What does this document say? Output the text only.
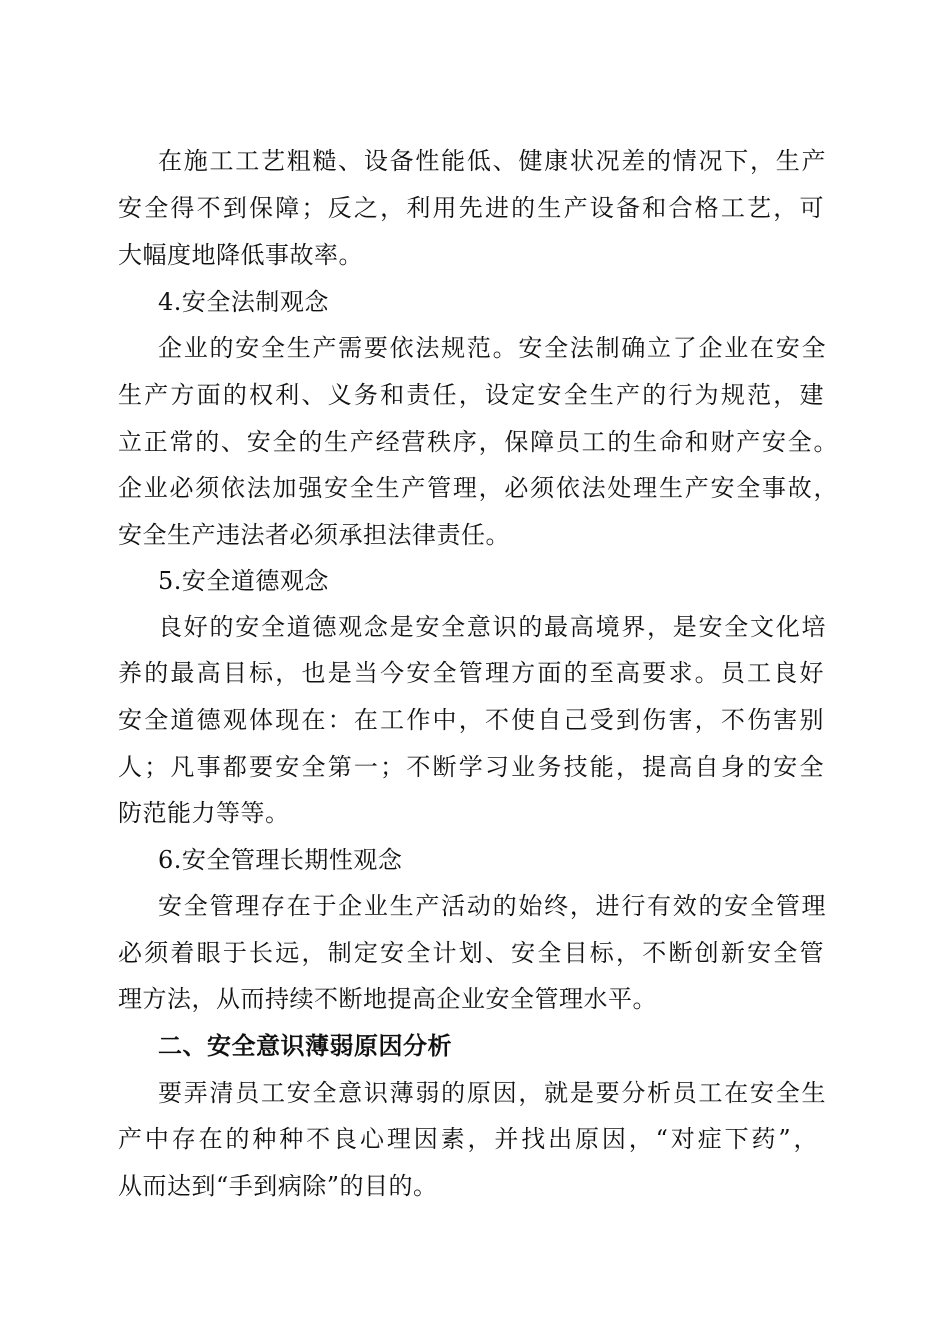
在施工工艺粗糙、设备性能低、健康状况差的情况下，生产
安全得不到保障；反之，利用先进的生产设备和合格工艺，可
大幅度地降低事故率。
4.安全法制观念
企业的安全生产需要依法规范。安全法制确立了企业在安全
生产方面的权利、义务和责任，设定安全生产的行为规范，建
立正常的、安全的生产经营秩序，保障员工的生命和财产安全。
企业必须依法加强安全生产管理，必须依法处理生产安全事故，
安全生产违法者必须承担法律责任。
5.安全道德观念
良好的安全道德观念是安全意识的最高境界，是安全文化培
养的最高目标，也是当今安全管理方面的至高要求。员工良好
安全道德观体现在：在工作中，不使自己受到伤害，不伤害别
人；凡事都要安全第一；不断学习业务技能，提高自身的安全
防范能力等等。
6.安全管理长期性观念
安全管理存在于企业生产活动的始终，进行有效的安全管理
必须着眼于长远，制定安全计划、安全目标，不断创新安全管
理方法，从而持续不断地提高企业安全管理水平。
二、安全意识薄弱原因分析
要弄清员工安全意识薄弱的原因，就是要分析员工在安全生
产中存在的种种不良心理因素，并找出原因，“对症下药”，
从而达到“手到病除”的目的。
